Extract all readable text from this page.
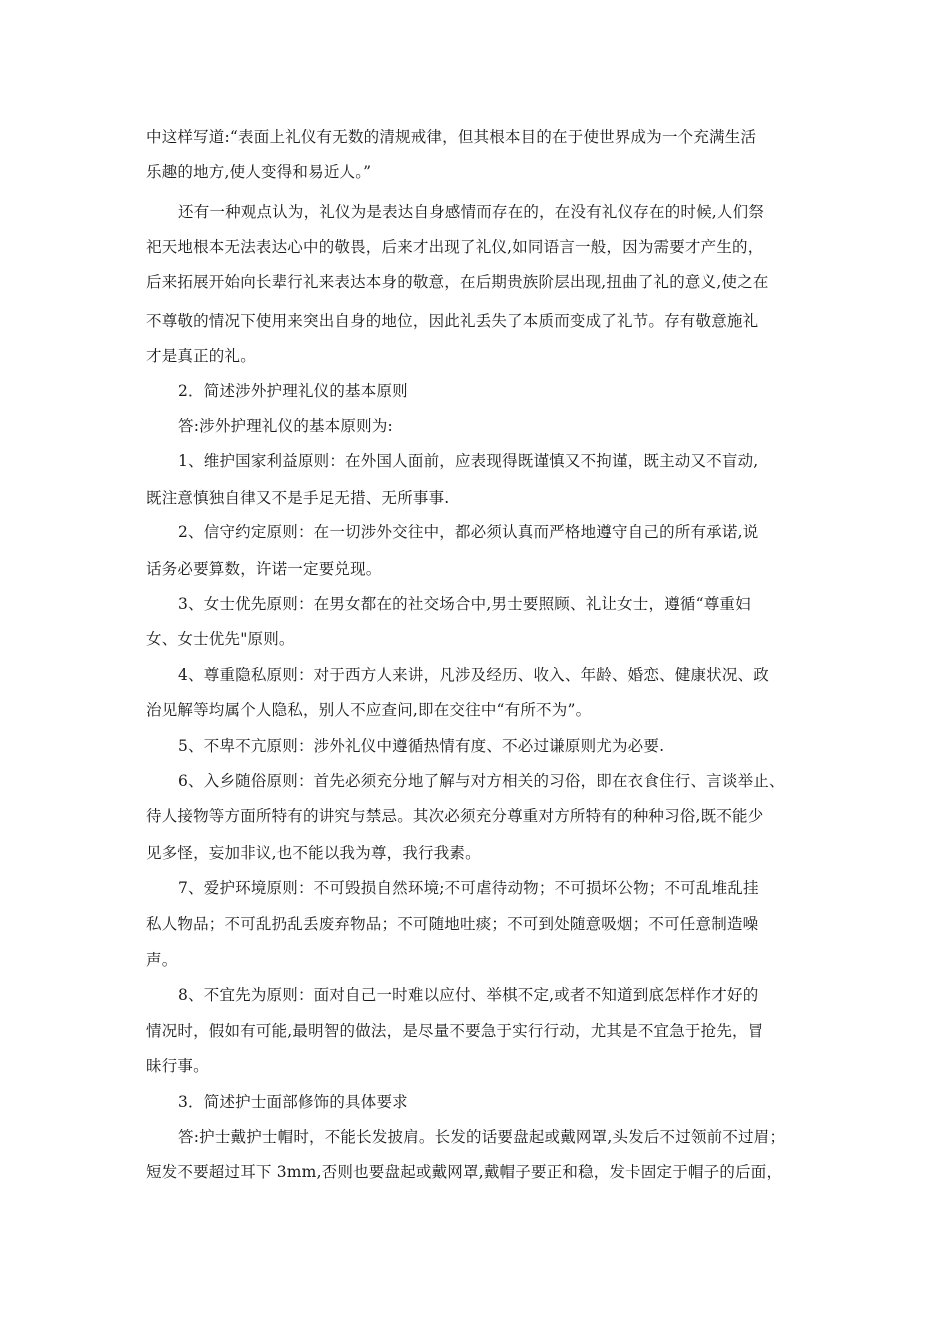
中这样写道:“表面上礼仪有无数的清规戒律，但其根本目的在于使世界成为一个充满生活
乐趣的地方,使人变得和易近人。”
还有一种观点认为，礼仪为是表达自身感情而存在的，在没有礼仪存在的时候,人们祭
祀天地根本无法表达心中的敬畏，后来才出现了礼仪,如同语言一般，因为需要才产生的，
后来拓展开始向长辈行礼来表达本身的敬意，在后期贵族阶层出现,扭曲了礼的意义,使之在
不尊敬的情况下使用来突出自身的地位，因此礼丢失了本质而变成了礼节。存有敬意施礼
才是真正的礼。
2．简述涉外护理礼仪的基本原则
答:涉外护理礼仪的基本原则为:
1、维护国家利益原则：在外国人面前，应表现得既谨慎又不拘谨，既主动又不盲动,
既注意慎独自律又不是手足无措、无所事事.
2、信守约定原则：在一切涉外交往中，都必须认真而严格地遵守自己的所有承诺,说
话务必要算数，许诺一定要兑现。
3、女士优先原则：在男女都在的社交场合中,男士要照顾、礼让女士，遵循“尊重妇
女、女士优先"原则。
4、尊重隐私原则：对于西方人来讲，凡涉及经历、收入、年龄、婚恋、健康状况、政
治见解等均属个人隐私，别人不应查问,即在交往中“有所不为”。
5、不卑不亢原则：涉外礼仪中遵循热情有度、不必过谦原则尤为必要.
6、入乡随俗原则：首先必须充分地了解与对方相关的习俗，即在衣食住行、言谈举止、
待人接物等方面所特有的讲究与禁忌。其次必须充分尊重对方所特有的种种习俗,既不能少
见多怪，妄加非议,也不能以我为尊，我行我素。
7、爱护环境原则：不可毁损自然环境;不可虐待动物；不可损坏公物；不可乱堆乱挂
私人物品；不可乱扔乱丢废弃物品；不可随地吐痰；不可到处随意吸烟；不可任意制造噪
声。
8、不宜先为原则：面对自己一时难以应付、举棋不定,或者不知道到底怎样作才好的
情况时，假如有可能,最明智的做法，是尽量不要急于实行行动，尤其是不宜急于抢先，冒
昧行事。
3．简述护士面部修饰的具体要求
答:护士戴护士帽时，不能长发披肩。长发的话要盘起或戴网罩,头发后不过领前不过眉；
短发不要超过耳下 3mm,否则也要盘起或戴网罩,戴帽子要正和稳，发卡固定于帽子的后面，
